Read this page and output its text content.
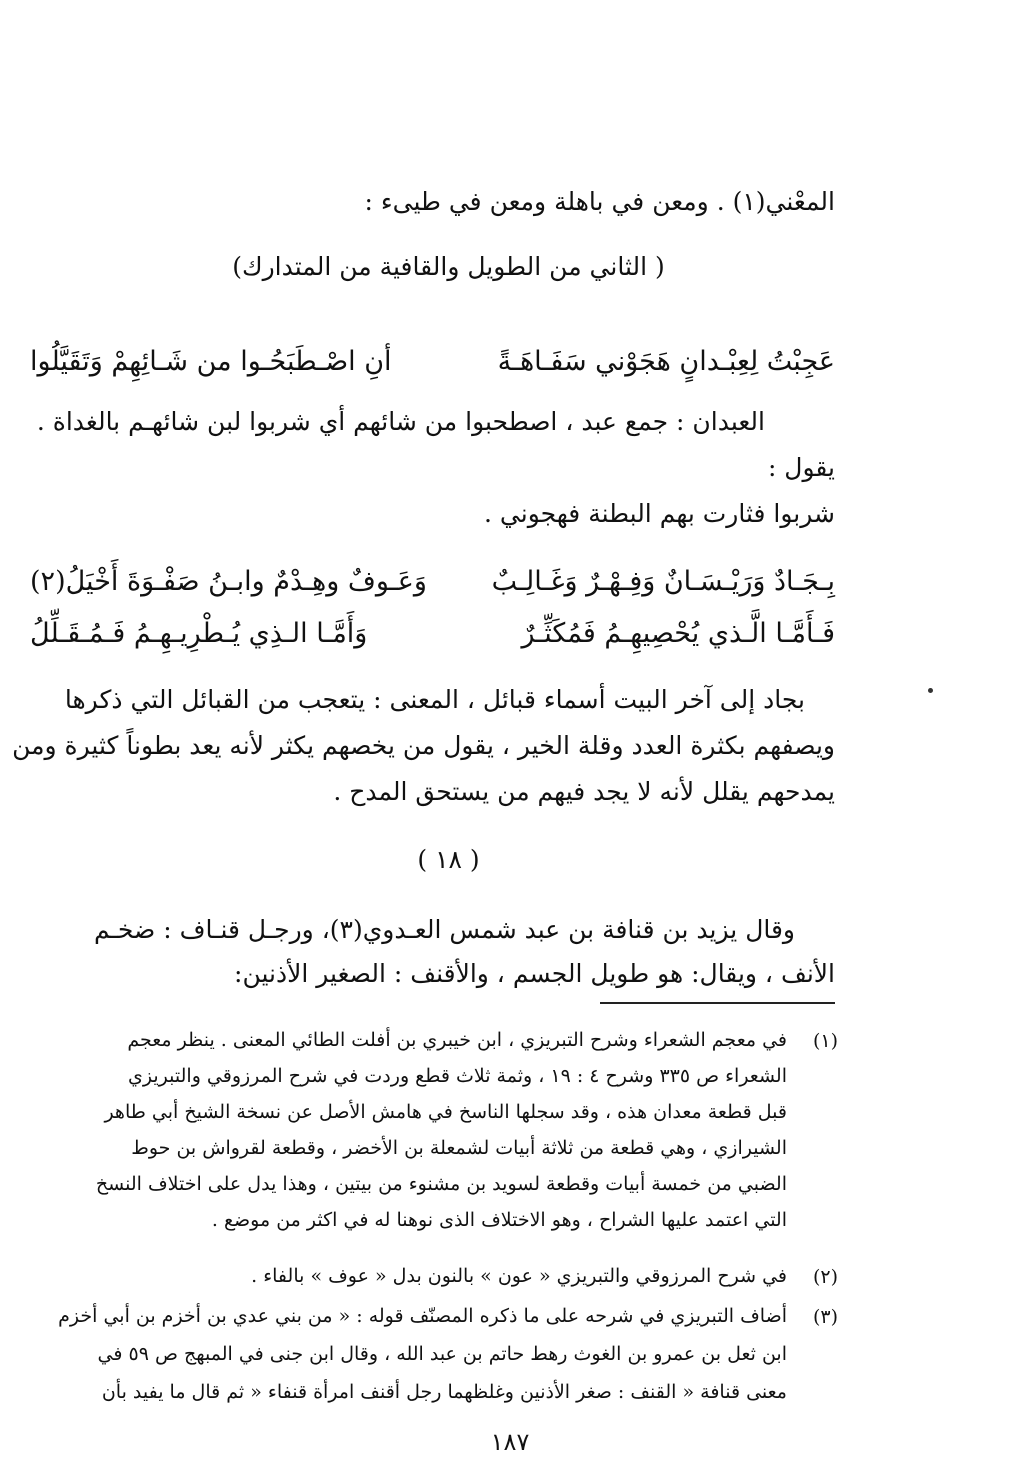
المعْني(١) . ومعن في باهلة ومعن في طيىء :
( الثاني من الطويل والقافية من المتدارك)
عَجِبْتُ لِعِبْـدانٍ هَجَوْني سَفَـاهَـةً
أنِ اصْـطَبَحُـوا من شَـائِهِمْ وَتَقَيَّلُوا
العبدان : جمع عبد ، اصطحبوا من شائهم أي شربوا لبن شائهـم بالغداة .
يقول :
شربوا فثارت بهم البطنة فهجوني .
بِـجَـادٌ وَرَيْـسَـانٌ وَفِـهْـرٌ وَغَـالِـبٌ
وَعَـوفٌ وهِـدْمٌ وابـنُ صَفْـوَةَ أَخْيَلُ(٢)
فَـأَمَّـا الَّـذي يُحْصِيهِـمُ فَمُكَثِّـرٌ
وَأَمَّـا الـذِي يُـطْرِيـهِـمُ فَـمُـقَـلِّلُ
بجاد إلى آخر البيت أسماء قبائل ، المعنى : يتعجب من القبائل التي ذكرها
ويصفهم بكثرة العدد وقلة الخير ، يقول من يخصهم يكثر لأنه يعد بطوناً كثيرة ومن
يمدحهم يقلل لأنه لا يجد فيهم من يستحق المدح .
( ١٨ )
وقال يزيد بن قنافة بن عبد شمس العـدوي(٣)، ورجـل قنـاف : ضخـم
الأنف ، ويقال: هو طويل الجسم ، والأقنف : الصغير الأذنين:
(١)
في معجم الشعراء وشرح التبريزي ، ابن خيبري بن أفلت الطائي المعنى . ينظر معجم
الشعراء ص ٣٣٥ وشرح ٤ : ١٩ ، وثمة ثلاث قطع وردت في شرح المرزوقي والتبريزي
قبل قطعة معدان هذه ، وقد سجلها الناسخ في هامش الأصل عن نسخة الشيخ أبي طاهر
الشيرازي ، وهي قطعة من ثلاثة أبيات لشمعلة بن الأخضر ، وقطعة لقرواش بن حوط
الضبي من خمسة أبيات وقطعة لسويد بن مشنوء من بيتين ، وهذا يدل على اختلاف النسخ
التي اعتمد عليها الشراح ، وهو الاختلاف الذى نوهنا له في اكثر من موضع .
(٢)
في شرح المرزوقي والتبريزي « عون » بالنون بدل « عوف » بالفاء .
(٣)
أضاف التبريزي في شرحه على ما ذكره المصنّف قوله : « من بني عدي بن أخزم بن أبي أخزم
ابن ثعل بن عمرو بن الغوث رهط حاتم بن عبد الله ، وقال ابن جنى في المبهج ص ٥٩ في
معنى قنافة « القنف : صغر الأذنين وغلظهما رجل أقنف امرأة قنفاء « ثم قال ما يفيد بأن
١٨٧
